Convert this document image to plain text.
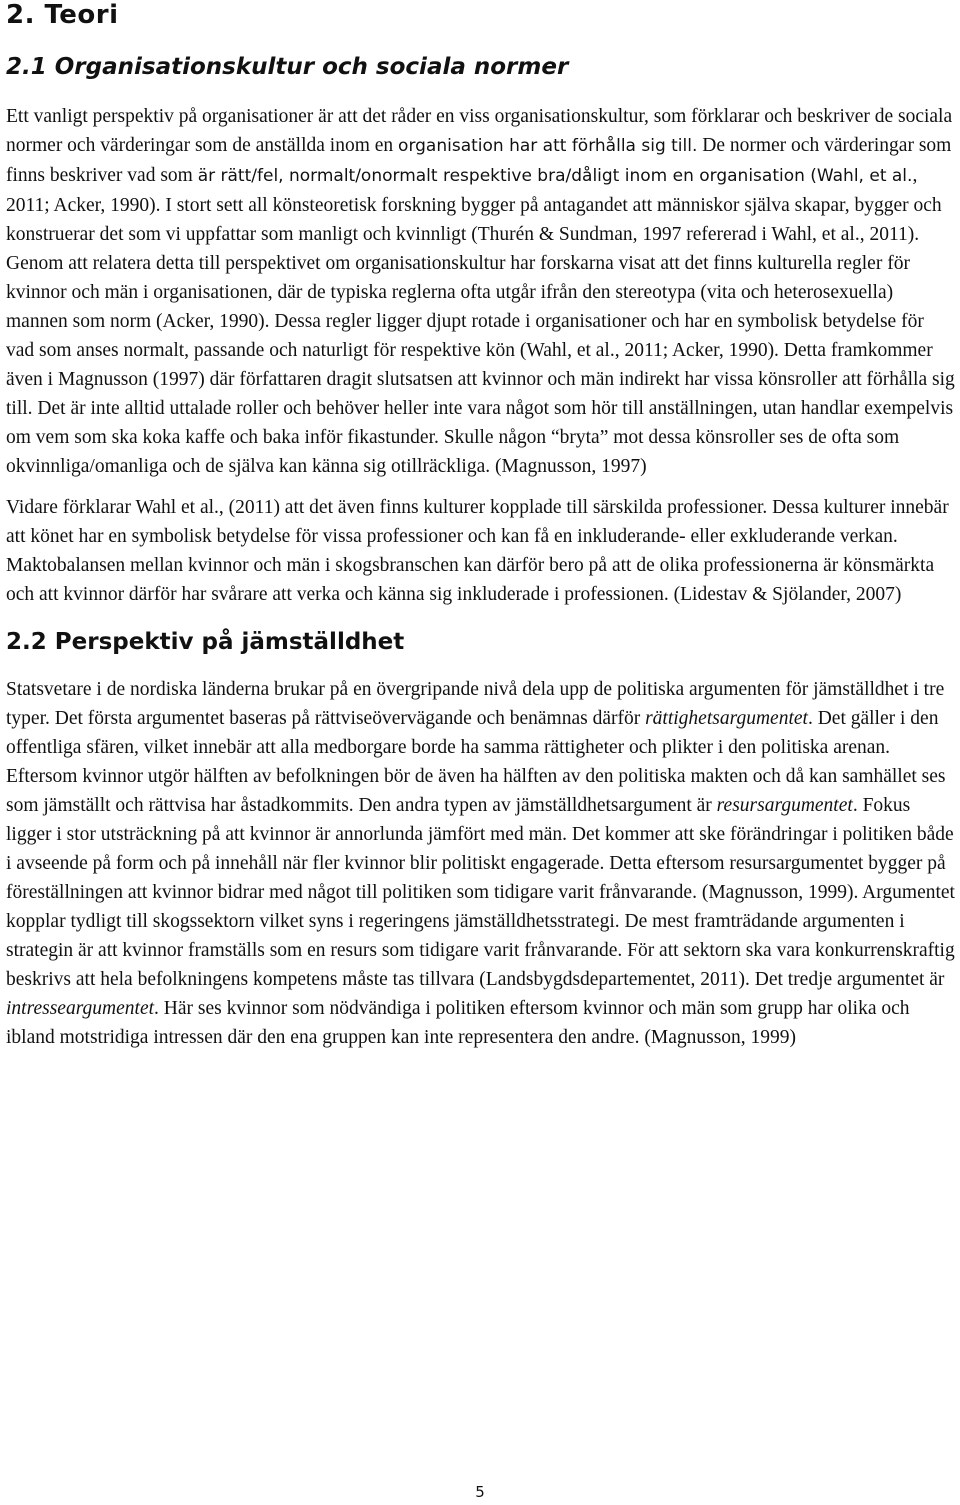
2. Teori
2.1 Organisationskultur och sociala normer

Ett vanligt perspektiv på organisationer är att det råder en viss organisationskultur, som förklarar och beskriver de sociala normer och värderingar som de anställda inom en organisation har att förhålla sig till. De normer och värderingar som finns beskriver vad som är rätt/fel, normalt/onormalt respektive bra/dåligt inom en organisation (Wahl, et al., 2011; Acker, 1990). I stort sett all könsteoretisk forskning bygger på antagandet att människor själva skapar, bygger och konstruerar det som vi uppfattar som manligt och kvinnligt (Thurén & Sundman, 1997 refererad i Wahl, et al., 2011). Genom att relatera detta till perspektivet om organisationskultur har forskarna visat att det finns kulturella regler för kvinnor och män i organisationen, där de typiska reglerna ofta utgår ifrån den stereotypa (vita och heterosexuella) mannen som norm (Acker, 1990). Dessa regler ligger djupt rotade i organisationer och har en symbolisk betydelse för vad som anses normalt, passande och naturligt för respektive kön (Wahl, et al., 2011; Acker, 1990). Detta framkommer även i Magnusson (1997) där författaren dragit slutsatsen att kvinnor och män indirekt har vissa könsroller att förhålla sig till. Det är inte alltid uttalade roller och behöver heller inte vara något som hör till anställningen, utan handlar exempelvis om vem som ska koka kaffe och baka inför fikastunder. Skulle någon “bryta” mot dessa könsroller ses de ofta som okvinnliga/omanliga och de själva kan känna sig otillräckliga. (Magnusson, 1997)

Vidare förklarar Wahl et al., (2011) att det även finns kulturer kopplade till särskilda professioner. Dessa kulturer innebär att könet har en symbolisk betydelse för vissa professioner och kan få en inkluderande- eller exkluderande verkan. Maktobalansen mellan kvinnor och män i skogsbranschen kan därför bero på att de olika professionerna är könsmärkta och att kvinnor därför har svårare att verka och känna sig inkluderade i professionen. (Lidestav & Sjölander, 2007)

2.2 Perspektiv på jämställdhet

Statsvetare i de nordiska länderna brukar på en övergripande nivå dela upp de politiska argumenten för jämställdhet i tre typer. Det första argumentet baseras på rättviseövervägande och benämnas därför rättighetsargumentet. Det gäller i den offentliga sfären, vilket innebär att alla medborgare borde ha samma rättigheter och plikter i den politiska arenan. Eftersom kvinnor utgör hälften av befolkningen bör de även ha hälften av den politiska makten och då kan samhället ses som jämställt och rättvisa har åstadkommits. Den andra typen av jämställdhetsargument är resursargumentet. Fokus ligger i stor utsträckning på att kvinnor är annorlunda jämfört med män. Det kommer att ske förändringar i politiken både i avseende på form och på innehåll när fler kvinnor blir politiskt engagerade. Detta eftersom resursargumentet bygger på föreställningen att kvinnor bidrar med något till politiken som tidigare varit frånvarande. (Magnusson, 1999). Argumentet kopplar tydligt till skogssektorn vilket syns i regeringens jämställdhetsstrategi. De mest framträdande argumenten i strategin är att kvinnor framställs som en resurs som tidigare varit frånvarande. För att sektorn ska vara konkurrenskraftig beskrivs att hela befolkningens kompetens måste tas tillvara (Landsbygdsdepartementet, 2011). Det tredje argumentet är intresseargumentet. Här ses kvinnor som nödvändiga i politiken eftersom kvinnor och män som grupp har olika och ibland motstridiga intressen där den ena gruppen kan inte representera den andre. (Magnusson, 1999)

5
